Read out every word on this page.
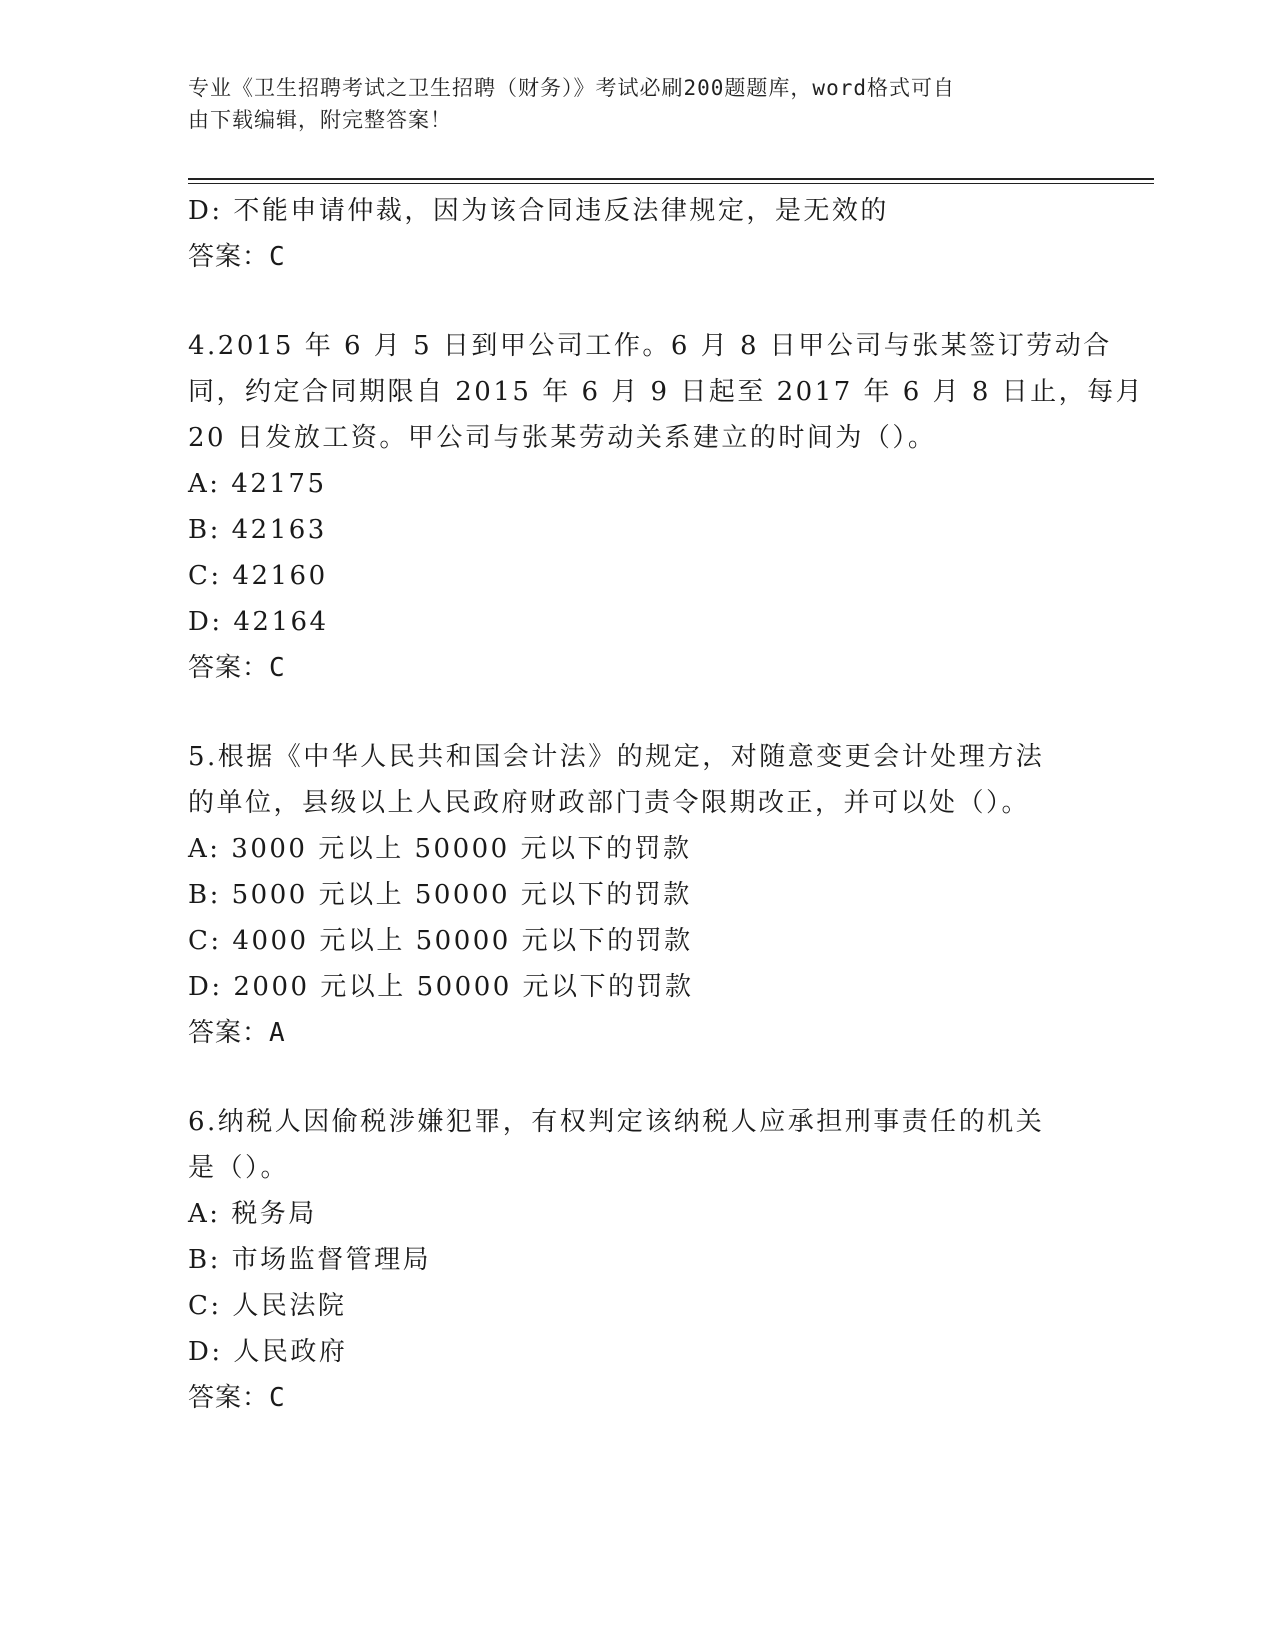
专业《卫生招聘考试之卫生招聘（财务）》考试必刷200题题库，word格式可自
由下载编辑，附完整答案！
D: 不能申请仲裁，因为该合同违反法律规定，是无效的
答案：C
4.2015 年 6 月 5 日到甲公司工作。6 月 8 日甲公司与张某签订劳动合
同，约定合同期限自 2015 年 6 月 9 日起至 2017 年 6 月 8 日止，每月
20 日发放工资。甲公司与张某劳动关系建立的时间为（）。
A: 42175
B: 42163
C: 42160
D: 42164
答案：C
5.根据《中华人民共和国会计法》的规定，对随意变更会计处理方法
的单位，县级以上人民政府财政部门责令限期改正，并可以处（）。
A: 3000 元以上 50000 元以下的罚款
B: 5000 元以上 50000 元以下的罚款
C: 4000 元以上 50000 元以下的罚款
D: 2000 元以上 50000 元以下的罚款
答案：A
6.纳税人因偷税涉嫌犯罪，有权判定该纳税人应承担刑事责任的机关
是（）。
A: 税务局
B: 市场监督管理局
C: 人民法院
D: 人民政府
答案：C
